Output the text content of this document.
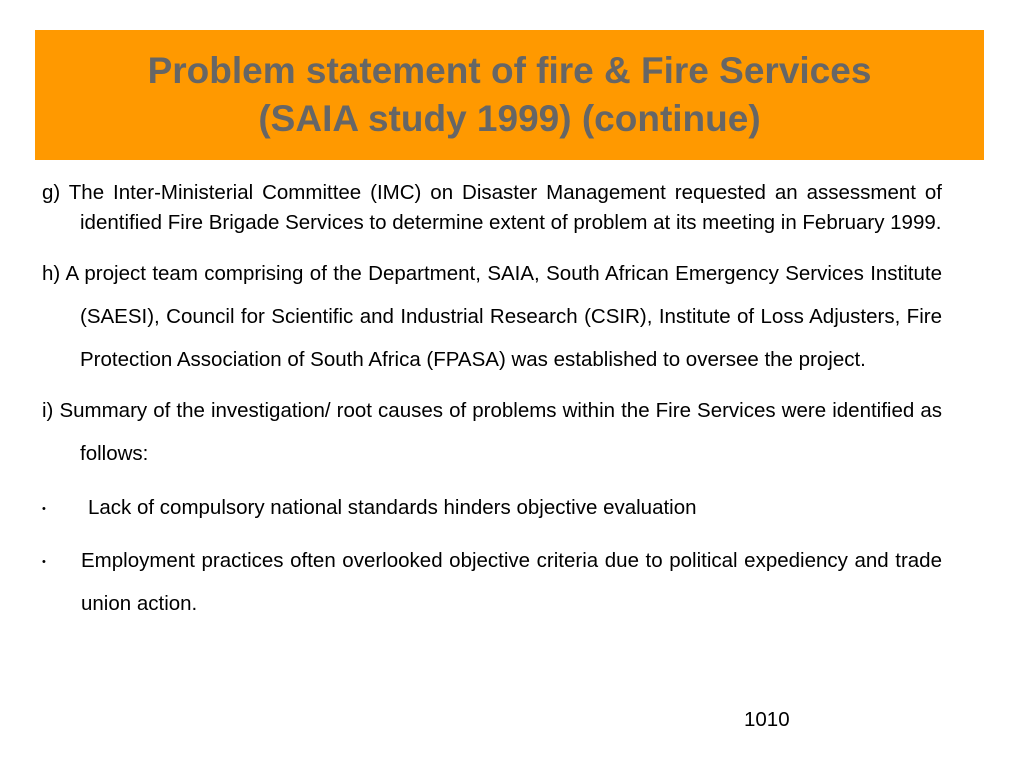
Problem statement of fire & Fire Services
(SAIA study 1999) (continue)

g) The Inter-Ministerial Committee (IMC) on Disaster Management requested an assessment of identified Fire Brigade Services to determine extent of problem at its meeting in February 1999.

h) A project team comprising of the Department, SAIA, South African Emergency Services Institute (SAESI), Council for Scientific and Industrial Research (CSIR), Institute of Loss Adjusters, Fire Protection Association of South Africa (FPASA) was established to oversee the project.

i) Summary of the investigation/ root causes of problems within the Fire Services were identified as follows:

• Lack of compulsory national standards hinders objective evaluation
• Employment practices often overlooked objective criteria due to political expediency and trade union action.
1010
